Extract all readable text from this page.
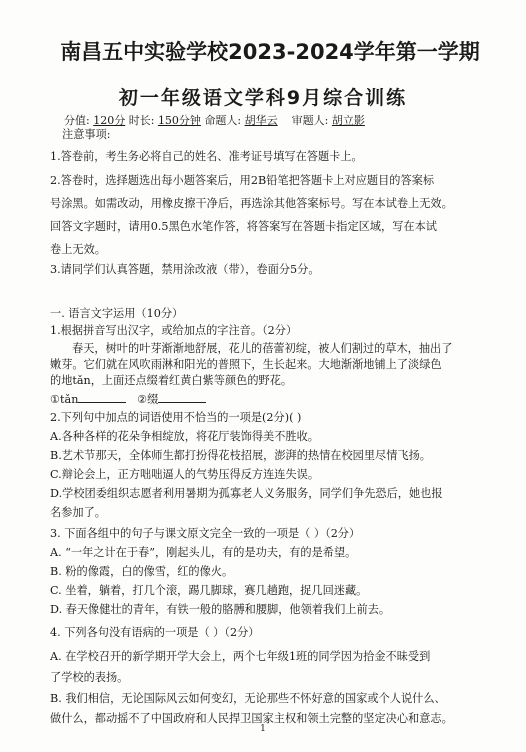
南昌五中实验学校2023-2024学年第一学期
初一年级语文学科9月综合训练
分值: 120分 时长: 150分钟 命题人: 胡华云 审题人: 胡立影
注意事项:
1.答卷前，考生务必将自己的姓名、准考证号填写在答题卡上。
2.答卷时，选择题选出每小题答案后，用2B铅笔把答题卡上对应题目的答案标
号涂黑。如需改动，用橡皮擦干净后，再选涂其他答案标号。写在本试卷上无效。
回答文字题时，请用0.5黑色水笔作答，将答案写在答题卡指定区域，写在本试
卷上无效。
3.请同学们认真答题，禁用涂改液（带），卷面分5分。
一. 语言文字运用（10分）
1.根据拼音写出汉字，或给加点的字注音。（2分）
春天，树叶的叶芽渐渐地舒展，花儿的蓓蕾初绽，被人们割过的草木，抽出了
嫩芽。它们就在风吹雨淋和阳光的普照下，生长起来。大地渐渐地铺上了淡绿色
的地tǎn，上面还点缀着红黄白紫等颜色的野花。
①tǎn	②缀
2.下列句中加点的词语使用不恰当的一项是(2分)( )
A.各种各样的花朵争相绽放，将花厅装饰得美不胜收。
B.艺术节那天，全体师生都打扮得花枝招展，澎湃的热情在校园里尽情飞扬。
C.辩论会上，正方咄咄逼人的气势压得反方连连失误。
D.学校团委组织志愿者利用暑期为孤寡老人义务服务，同学们争先恐后，她也报
名参加了。
3. 下面各组中的句子与课文原文完全一致的一项是（ ）（2分）
A. “一年之计在于春”，刚起头儿，有的是功夫，有的是希望。
B. 粉的像霞，白的像雪，红的像火。
C. 坐着，躺着，打几个滚，踢几脚球，赛几趟跑，捉几回迷藏。
D. 春天像健壮的青年，有铁一般的胳膊和腰脚，他领着我们上前去。
4. 下列各句没有语病的一项是（ ）（2分）
A. 在学校召开的新学期开学大会上，两个七年级1班的同学因为拾金不昧受到
了学校的表扬。
B. 我们相信，无论国际风云如何变幻，无论那些不怀好意的国家或个人说什么、
做什么，都动摇不了中国政府和人民捍卫国家主权和领土完整的坚定决心和意志。
1
